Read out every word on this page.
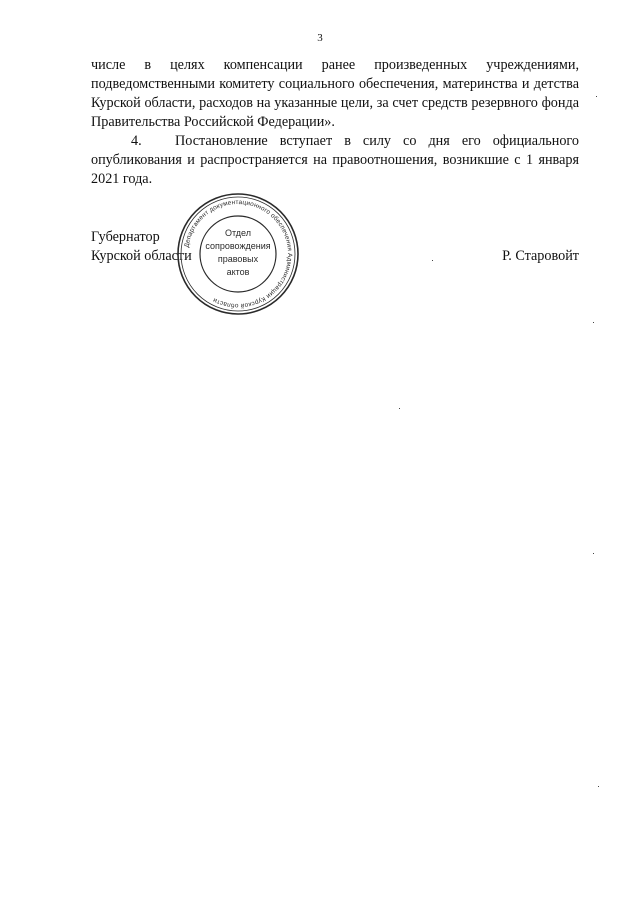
3

числе в целях компенсации ранее произведенных учреждениями, подведомственными комитету социального обеспечения, материнства и детства Курской области, расходов на указанные цели, за счет средств резервного фонда Правительства Российской Федерации».

4. Постановление вступает в силу со дня его официального опубликования и распространяется на правоотношения, возникшие с 1 января 2021 года.

Губернатор
Курской области	Р. Старовойт
Департамент документационного обеспечения Администрации Курской области
Отдел
сопровождения
правовых
актов
